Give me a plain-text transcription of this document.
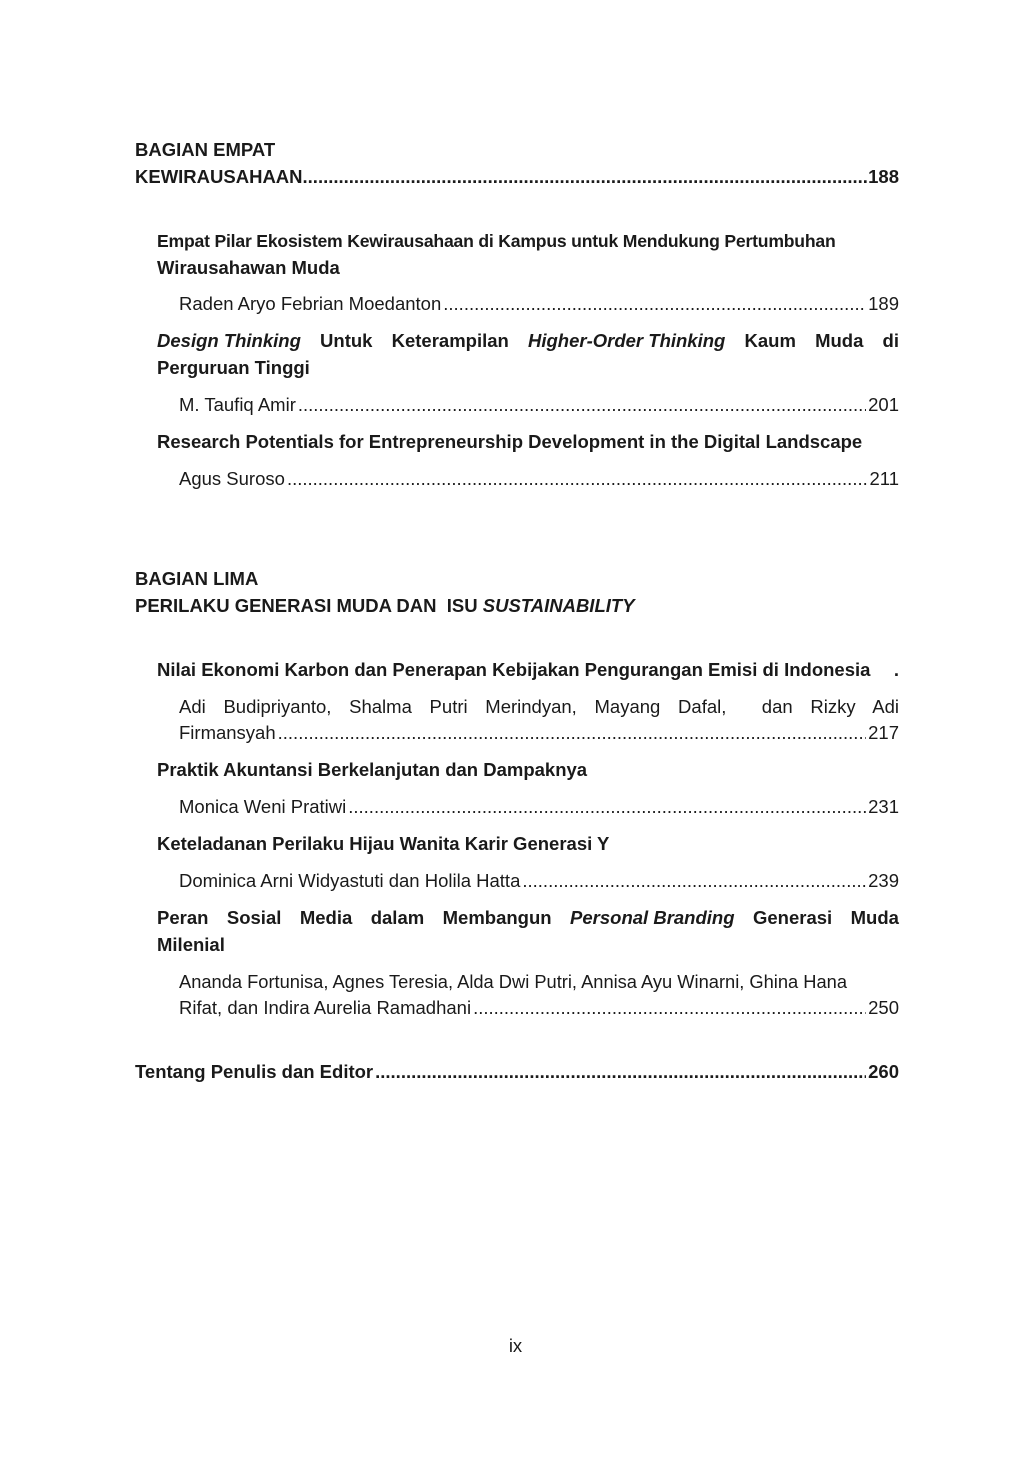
BAGIAN EMPAT
KEWIRAUSAHAAN .....	188
Empat Pilar Ekosistem Kewirausahaan di Kampus untuk Mendukung Pertumbuhan
Wirausahawan Muda
Raden Aryo Febrian Moedanton .....	189
Design Thinking Untuk Keterampilan Higher-Order Thinking Kaum Muda di
Perguruan Tinggi
M. Taufiq Amir .....	201
Research Potentials for Entrepreneurship Development in the Digital Landscape
Agus Suroso .....	211
BAGIAN LIMA
PERILAKU GENERASI MUDA DAN  ISU SUSTAINABILITY
Nilai Ekonomi Karbon dan Penerapan Kebijakan Pengurangan Emisi di Indonesia .
Adi Budipriyanto, Shalma Putri Merindyan, Mayang Dafal,  dan Rizky Adi
Firmansyah .....	217
Praktik Akuntansi Berkelanjutan dan Dampaknya
Monica Weni Pratiwi .....	231
Keteladanan Perilaku Hijau Wanita Karir Generasi Y
Dominica Arni Widyastuti dan Holila Hatta .....	239
Peran Sosial Media dalam Membangun Personal Branding Generasi Muda
Milenial
Ananda Fortunisa, Agnes Teresia, Alda Dwi Putri, Annisa Ayu Winarni, Ghina Hana
Rifat, dan Indira Aurelia Ramadhani .....	250
Tentang Penulis dan Editor .....	260
ix
